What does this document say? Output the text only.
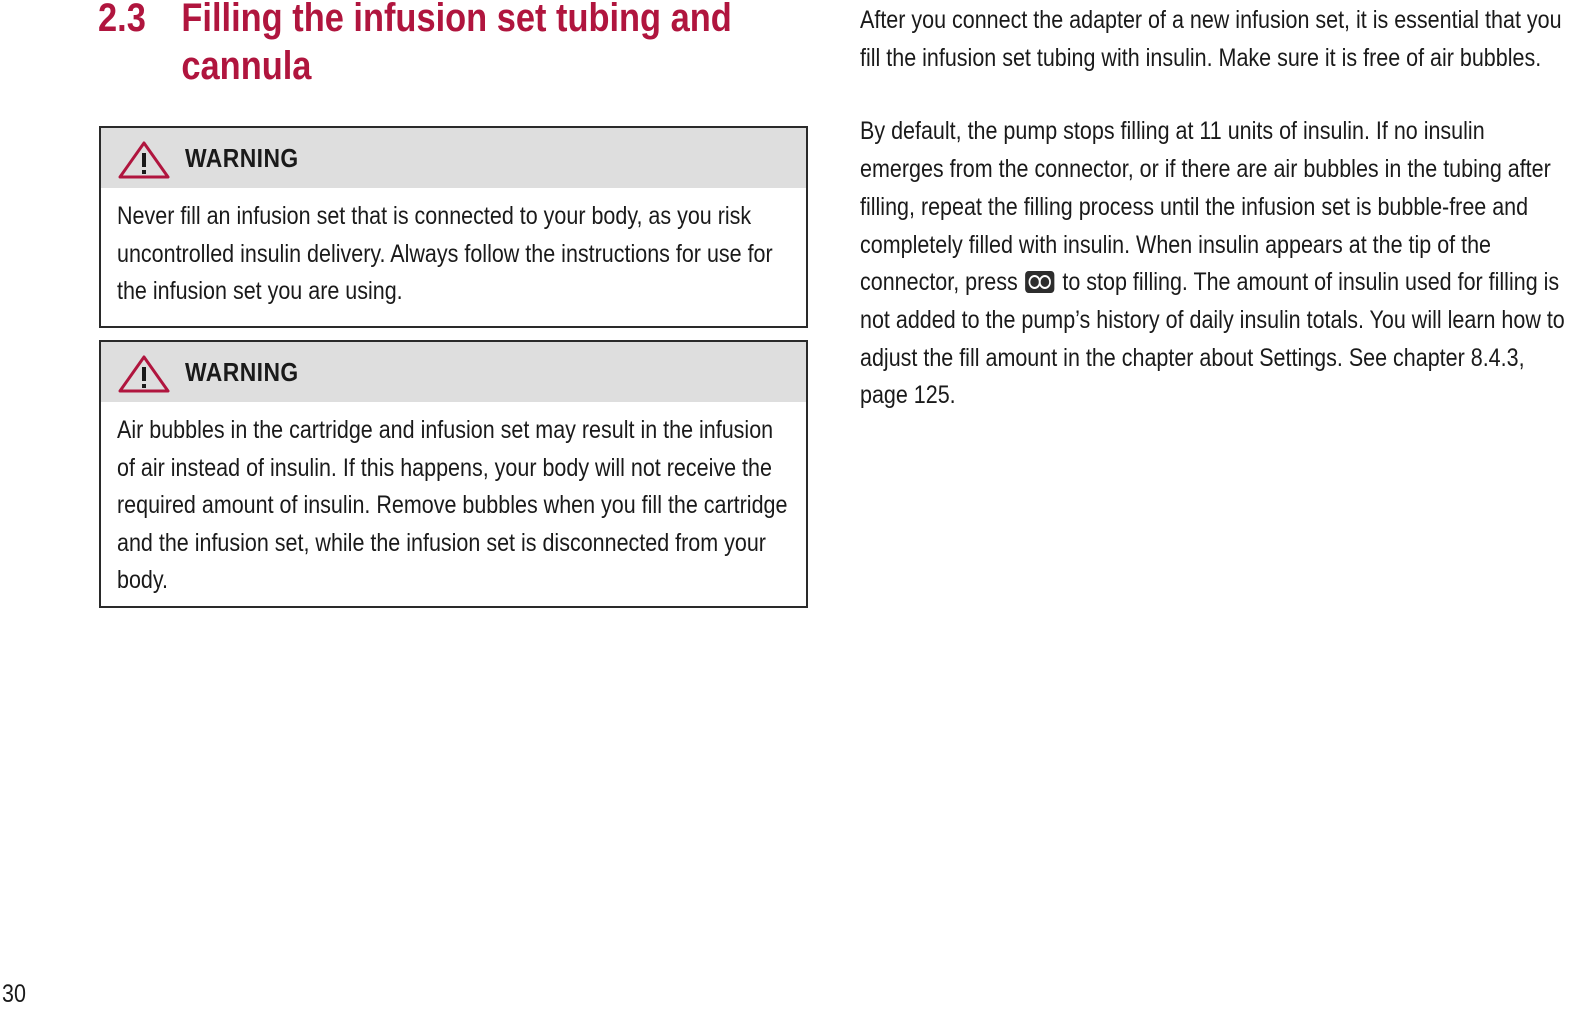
2.3 Filling the infusion set tubing and cannula
WARNING
Never fill an infusion set that is connected to your body, as you risk uncontrolled insulin delivery. Always follow the instructions for use for the infusion set you are using.
WARNING
Air bubbles in the cartridge and infusion set may result in the infusion of air instead of insulin. If this happens, your body will not receive the required amount of insulin. Remove bubbles when you fill the cartridge and the infusion set, while the infusion set is disconnected from your body.

After you connect the adapter of a new infusion set, it is essential that you fill the infusion set tubing with insulin. Make sure it is free of air bubbles.

By default, the pump stops filling at 11 units of insulin. If no insulin emerges from the connector, or if there are air bubbles in the tubing after filling, repeat the filling process until the infusion set is bubble-free and completely filled with insulin. When insulin appears at the tip of the connector, press to stop filling. The amount of insulin used for filling is not added to the pump’s history of daily insulin totals. You will learn how to adjust the fill amount in the chapter about Settings. See chapter 8.4.3, page 125.

30
